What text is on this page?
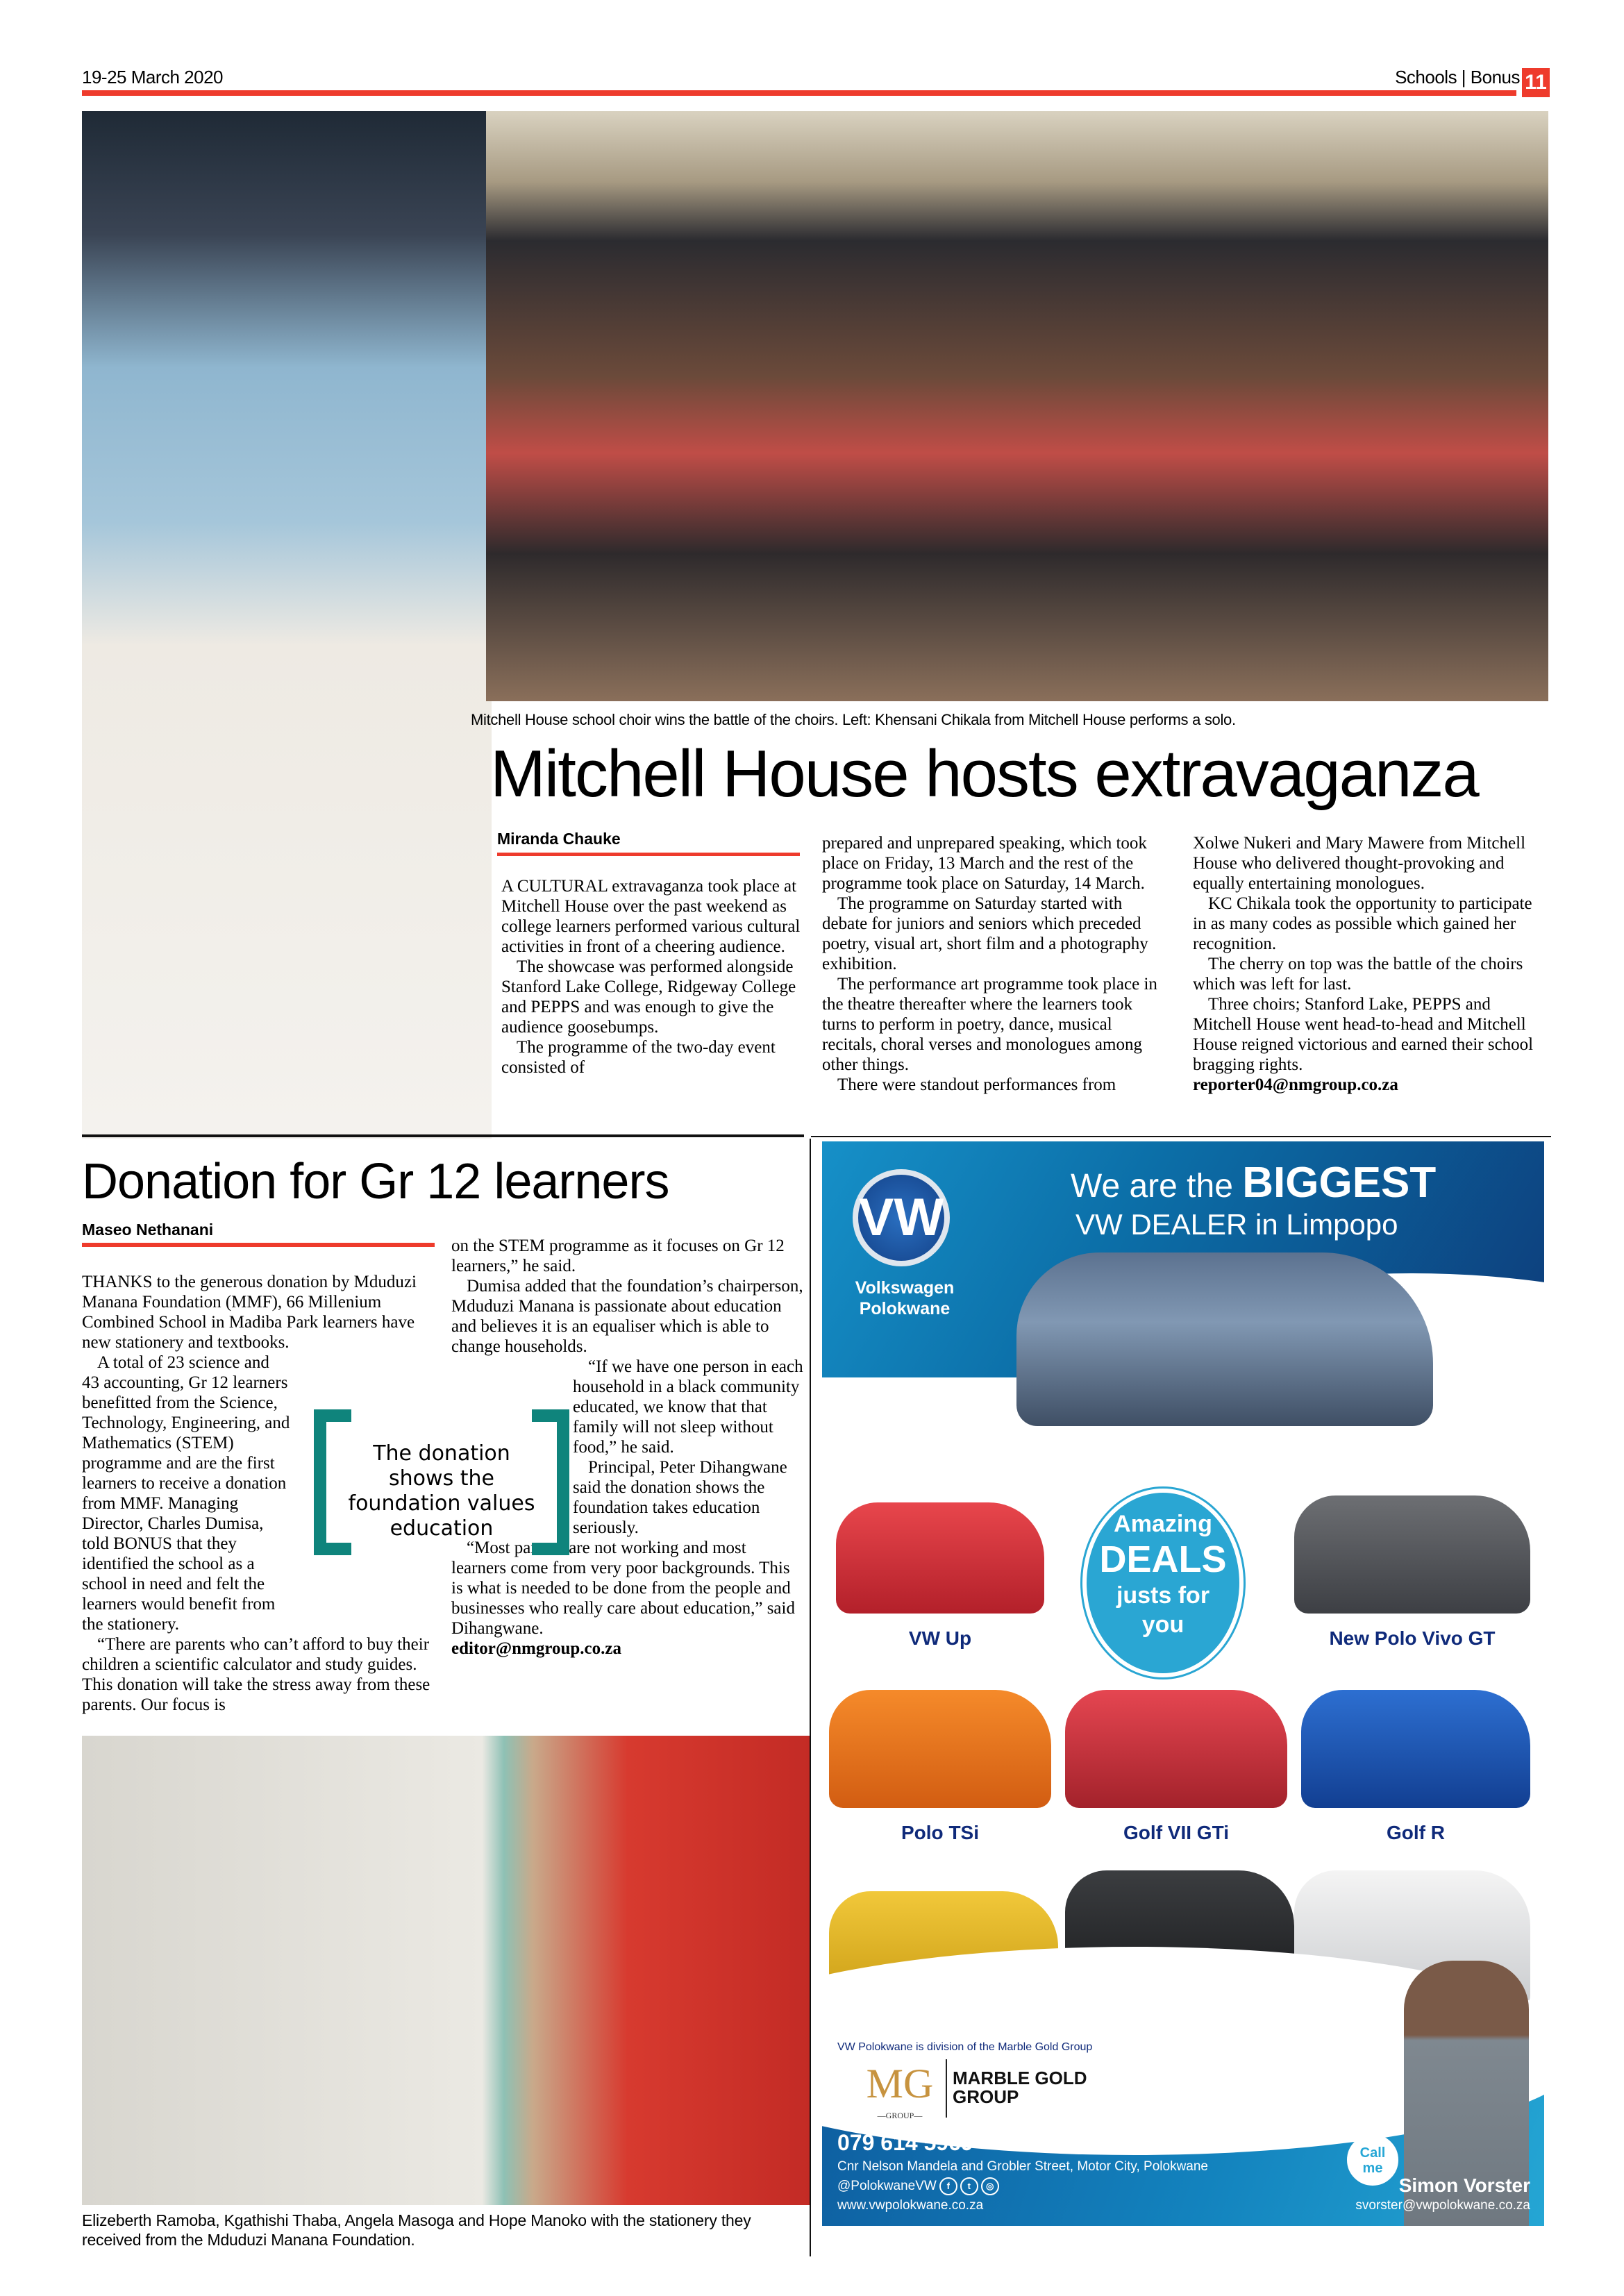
19-25 March 2020	Schools | Bonus 11
Mitchell House school choir wins the battle of the choirs. Left: Khensani Chikala from Mitchell House performs a solo.
Mitchell House hosts extravaganza
Miranda Chauke

A CULTURAL extravaganza took place at Mitchell House over the past weekend as college learners performed various cultural activities in front of a cheering audience.

The showcase was performed alongside Stanford Lake College, Ridgeway College and PEPPS and was enough to give the audience goosebumps.

The programme of the two-day event consisted of

prepared and unprepared speaking, which took place on Friday, 13 March and the rest of the programme took place on Saturday, 14 March.

The programme on Saturday started with debate for juniors and seniors which preceded poetry, visual art, short film and a photography exhibition.

The performance art programme took place in the theatre thereafter where the learners took turns to perform in poetry, dance, musical recitals, choral verses and monologues among other things.

There were standout performances from

Xolwe Nukeri and Mary Mawere from Mitchell House who delivered thought-provoking and equally entertaining monologues.

KC Chikala took the opportunity to participate in as many codes as possible which gained her recognition.

The cherry on top was the battle of the choirs which was left for last.

Three choirs; Stanford Lake, PEPPS and Mitchell House went head-to-head and Mitchell House reigned victorious and earned their school bragging rights.

reporter04@nmgroup.co.za

Donation for Gr 12 learners
Maseo Nethanani

THANKS to the generous donation by Mduduzi Manana Foundation (MMF), 66 Millenium Combined School in Madiba Park learners have new stationery and textbooks.

A total of 23 science and 43 accounting, Gr 12 learners benefitted from the Science, Technology, Engineering, and Mathematics (STEM) programme and are the first learners to receive a donation from MMF. Managing Director, Charles Dumisa, told BONUS that they identified the school as a school in need and felt the learners would benefit from the stationery.

“There are parents who can’t afford to buy their children a scientific calculator and study guides. This donation will take the stress away from these parents. Our focus is

on the STEM programme as it focuses on Gr 12 learners,” he said.

Dumisa added that the foundation’s chairperson, Mduduzi Manana is passionate about education and believes it is an equaliser which is able to change households.

“If we have one person in each household in a black community educated, we know that that family will not sleep without food,” he said.

Principal, Peter Dihangwane said the donation shows the foundation takes education seriously.

“Most parents are not working and most learners come from very poor backgrounds. This is what is needed to be done from the people and businesses who really care about education,” said Dihangwane.

editor@nmgroup.co.za

The donation shows the foundation values education
Elizeberth Ramoba, Kgathishi Thaba, Angela Masoga and Hope Manoko with the stationery they received from the Mduduzi Manana Foundation.
VW
Volkswagen Polokwane
We are the BIGGEST
VW DEALER in Limpopo
Amazing
DEALS
justs for
you
VW Up	New Polo Vivo GT
Polo TSi	Golf VII GTi	Golf R
VW Polokwane is division of the Marble Gold Group
MG
—GROUP—
MARBLE GOLD
GROUP
079 614 5969
Cnr Nelson Mandela and Grobler Street, Motor City, Polokwane
@PolokwaneVW	f	t	◎
www.vwpolokwane.co.za
Call me
Simon Vorster
svorster@vwpolokwane.co.za
